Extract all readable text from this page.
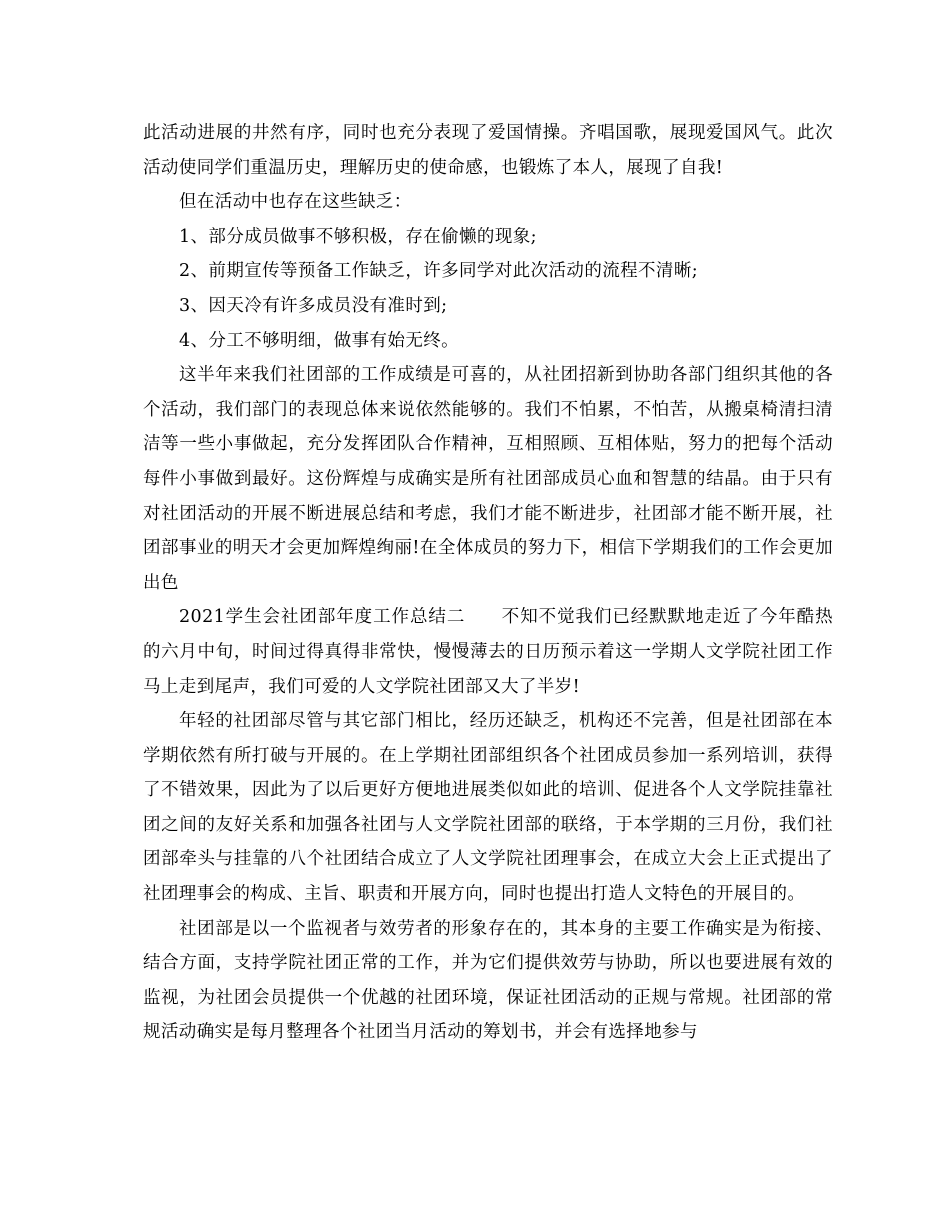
此活动进展的井然有序，同时也充分表现了爱国情操。齐唱国歌，展现爱国风气。此次活动使同学们重温历史，理解历史的使命感，也锻炼了本人，展现了自我!

但在活动中也存在这些缺乏：

1、部分成员做事不够积极，存在偷懒的现象;

2、前期宣传等预备工作缺乏，许多同学对此次活动的流程不清晰;

3、因天冷有许多成员没有准时到;

4、分工不够明细，做事有始无终。

这半年来我们社团部的工作成绩是可喜的，从社团招新到协助各部门组织其他的各个活动，我们部门的表现总体来说依然能够的。我们不怕累，不怕苦，从搬桌椅清扫清洁等一些小事做起，充分发挥团队合作精神，互相照顾、互相体贴，努力的把每个活动每件小事做到最好。这份辉煌与成确实是所有社团部成员心血和智慧的结晶。由于只有对社团活动的开展不断进展总结和考虑，我们才能不断进步，社团部才能不断开展，社团部事业的明天才会更加辉煌绚丽!在全体成员的努力下，相信下学期我们的工作会更加出色

2021学生会社团部年度工作总结二 不知不觉我们已经默默地走近了今年酷热的六月中旬，时间过得真得非常快，慢慢薄去的日历预示着这一学期人文学院社团工作马上走到尾声，我们可爱的人文学院社团部又大了半岁!

年轻的社团部尽管与其它部门相比，经历还缺乏，机构还不完善，但是社团部在本学期依然有所打破与开展的。在上学期社团部组织各个社团成员参加一系列培训，获得了不错效果，因此为了以后更好方便地进展类似如此的培训、促进各个人文学院挂靠社团之间的友好关系和加强各社团与人文学院社团部的联络，于本学期的三月份，我们社团部牵头与挂靠的八个社团结合成立了人文学院社团理事会，在成立大会上正式提出了社团理事会的构成、主旨、职责和开展方向，同时也提出打造人文特色的开展目的。

社团部是以一个监视者与效劳者的形象存在的，其本身的主要工作确实是为衔接、结合方面，支持学院社团正常的工作，并为它们提供效劳与协助，所以也要进展有效的监视，为社团会员提供一个优越的社团环境，保证社团活动的正规与常规。社团部的常规活动确实是每月整理各个社团当月活动的筹划书，并会有选择地参与
